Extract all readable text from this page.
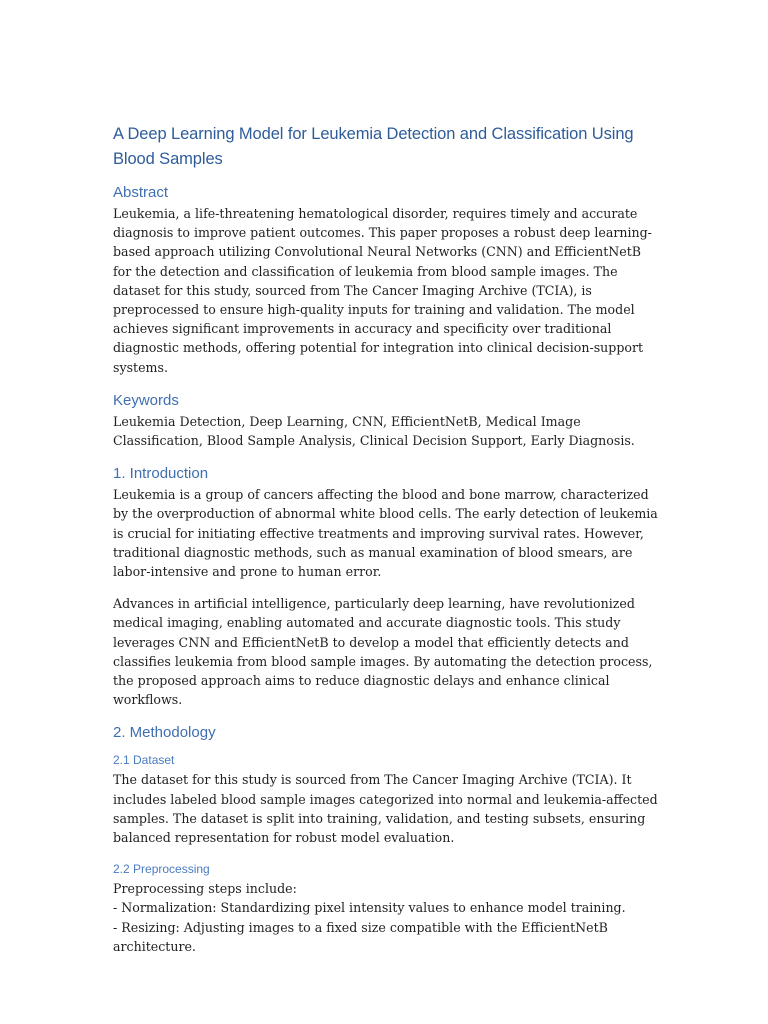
A Deep Learning Model for Leukemia Detection and Classification Using Blood Samples
Abstract

Leukemia, a life-threatening hematological disorder, requires timely and accurate diagnosis to improve patient outcomes. This paper proposes a robust deep learning-based approach utilizing Convolutional Neural Networks (CNN) and EfficientNetB for the detection and classification of leukemia from blood sample images. The dataset for this study, sourced from The Cancer Imaging Archive (TCIA), is preprocessed to ensure high-quality inputs for training and validation. The model achieves significant improvements in accuracy and specificity over traditional diagnostic methods, offering potential for integration into clinical decision-support systems.

Keywords

Leukemia Detection, Deep Learning, CNN, EfficientNetB, Medical Image Classification, Blood Sample Analysis, Clinical Decision Support, Early Diagnosis.

1. Introduction

Leukemia is a group of cancers affecting the blood and bone marrow, characterized by the overproduction of abnormal white blood cells. The early detection of leukemia is crucial for initiating effective treatments and improving survival rates. However, traditional diagnostic methods, such as manual examination of blood smears, are labor-intensive and prone to human error.

Advances in artificial intelligence, particularly deep learning, have revolutionized medical imaging, enabling automated and accurate diagnostic tools. This study leverages CNN and EfficientNetB to develop a model that efficiently detects and classifies leukemia from blood sample images. By automating the detection process, the proposed approach aims to reduce diagnostic delays and enhance clinical workflows.

2. Methodology
2.1 Dataset

The dataset for this study is sourced from The Cancer Imaging Archive (TCIA). It includes labeled blood sample images categorized into normal and leukemia-affected samples. The dataset is split into training, validation, and testing subsets, ensuring balanced representation for robust model evaluation.

2.2 Preprocessing

Preprocessing steps include:

- Normalization: Standardizing pixel intensity values to enhance model training.
- Resizing: Adjusting images to a fixed size compatible with the EfficientNetB architecture.
